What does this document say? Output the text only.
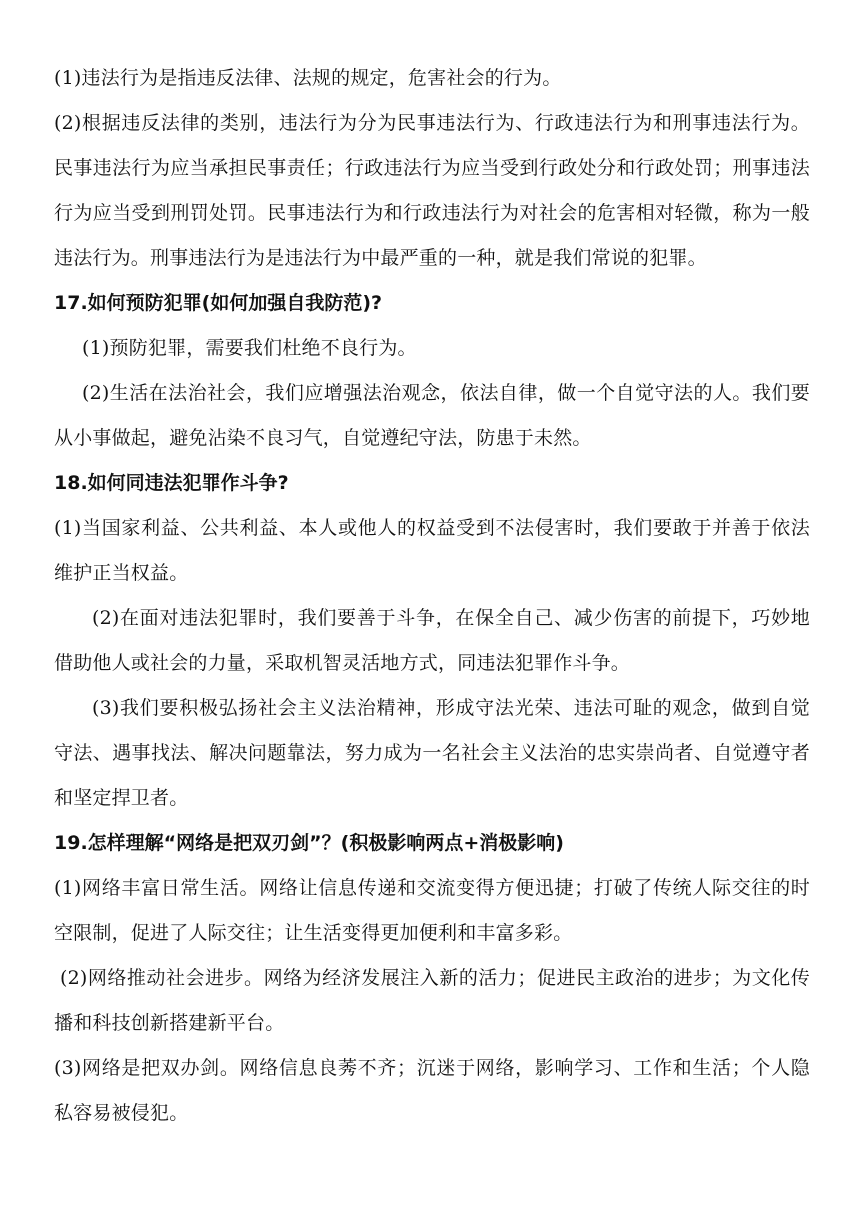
(1)违法行为是指违反法律、法规的规定，危害社会的行为。

(2)根据违反法律的类别，违法行为分为民事违法行为、行政违法行为和刑事违法行为。民事违法行为应当承担民事责任；行政违法行为应当受到行政处分和行政处罚；刑事违法行为应当受到刑罚处罚。民事违法行为和行政违法行为对社会的危害相对轻微，称为一般违法行为。刑事违法行为是违法行为中最严重的一种，就是我们常说的犯罪。

17.如何预防犯罪(如何加强自我防范)?

(1)预防犯罪，需要我们杜绝不良行为。

(2)生活在法治社会，我们应增强法治观念，依法自律，做一个自觉守法的人。我们要从小事做起，避免沾染不良习气，自觉遵纪守法，防患于未然。

18.如何同违法犯罪作斗争?

(1)当国家利益、公共利益、本人或他人的权益受到不法侵害时，我们要敢于并善于依法维护正当权益。

(2)在面对违法犯罪时，我们要善于斗争，在保全自己、减少伤害的前提下，巧妙地借助他人或社会的力量，采取机智灵活地方式，同违法犯罪作斗争。

(3)我们要积极弘扬社会主义法治精神，形成守法光荣、违法可耻的观念，做到自觉守法、遇事找法、解决问题靠法，努力成为一名社会主义法治的忠实崇尚者、自觉遵守者和坚定捍卫者。

19.怎样理解“网络是把双刃剑”？(积极影响两点+消极影响)

(1)网络丰富日常生活。网络让信息传递和交流变得方便迅捷；打破了传统人际交往的时空限制，促进了人际交往；让生活变得更加便利和丰富多彩。

(2)网络推动社会进步。网络为经济发展注入新的活力；促进民主政治的进步；为文化传播和科技创新搭建新平台。

(3)网络是把双办剑。网络信息良莠不齐；沉迷于网络，影响学习、工作和生活；个人隐私容易被侵犯。
